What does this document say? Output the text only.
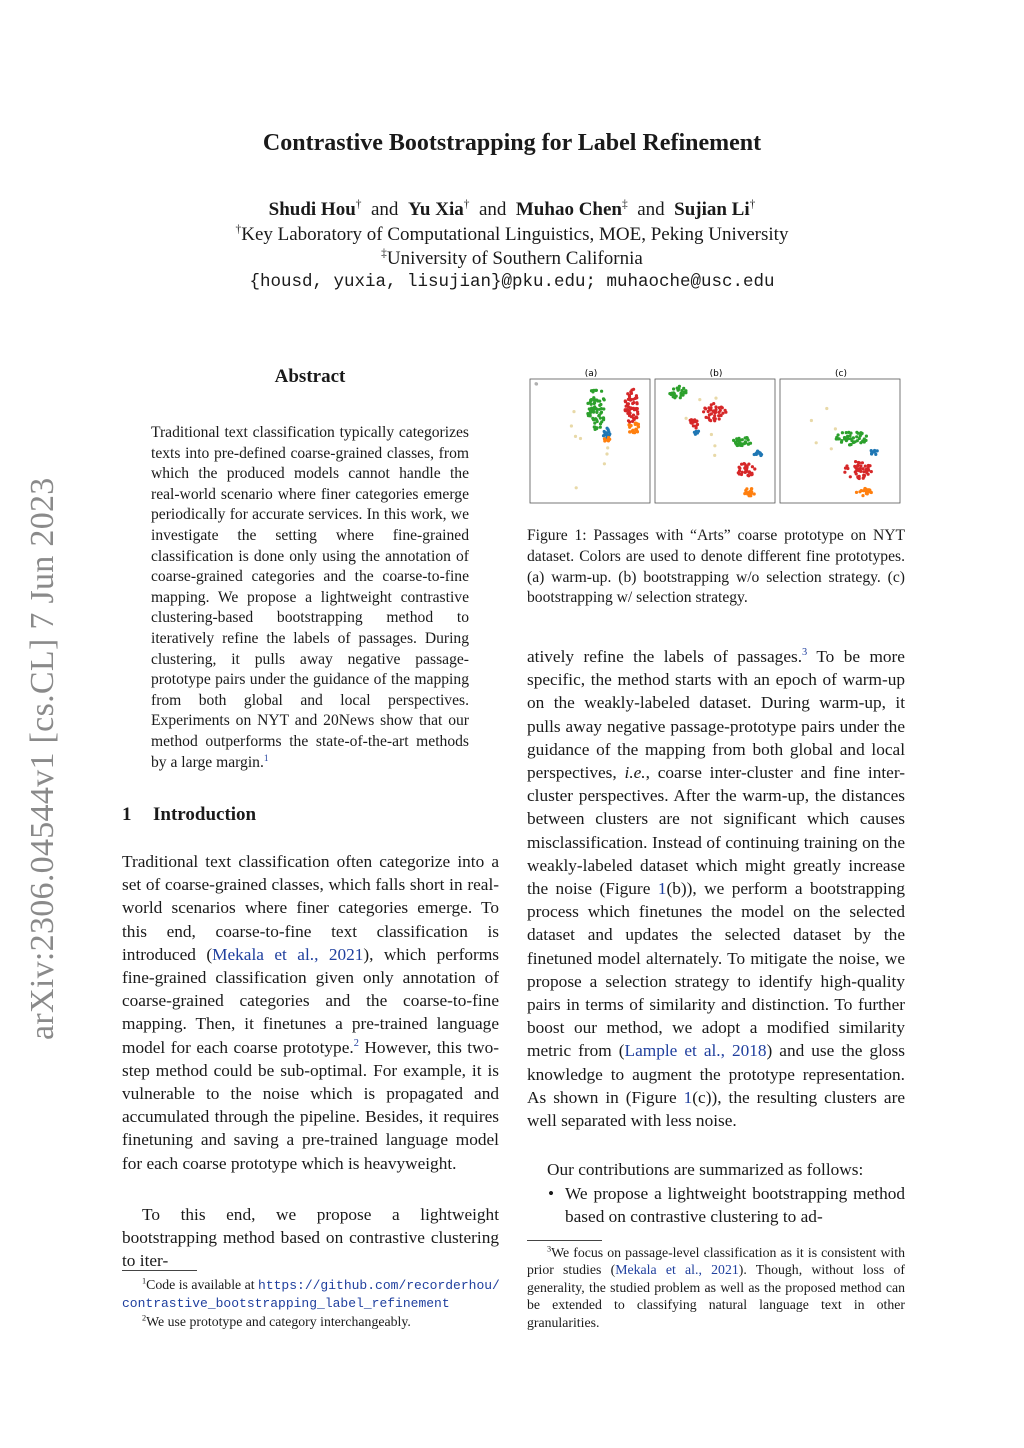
arXiv:2306.04544v1 [cs.CL] 7 Jun 2023
Contrastive Bootstrapping for Label Refinement
Shudi Hou† and Yu Xia† and Muhao Chen‡ and Sujian Li†
†Key Laboratory of Computational Linguistics, MOE, Peking University
‡University of Southern California
{housd, yuxia, lisujian}@pku.edu; muhaoche@usc.edu
Abstract
Traditional text classification typically categorizes texts into pre-defined coarse-grained classes, from which the produced models cannot handle the real-world scenario where finer categories emerge periodically for accurate services. In this work, we investigate the setting where fine-grained classification is done only using the annotation of coarse-grained categories and the coarse-to-fine mapping. We propose a lightweight contrastive clustering-based bootstrapping method to iteratively refine the labels of passages. During clustering, it pulls away negative passage-prototype pairs under the guidance of the mapping from both global and local perspectives. Experiments on NYT and 20News show that our method outperforms the state-of-the-art methods by a large margin.$^1$
1 Introduction

Traditional text classification often categorize into a set of coarse-grained classes, which falls short in real-world scenarios where finer categories emerge. To this end, coarse-to-fine text classification is introduced (Mekala et al., 2021), which performs fine-grained classification given only annotation of coarse-grained categories and the coarse-to-fine mapping. Then, it finetunes a pre-trained language model for each coarse prototype.$^2$ However, this two-step method could be sub-optimal. For example, it is vulnerable to the noise which is propagated and accumulated through the pipeline. Besides, it requires finetuning and saving a pre-trained language model for each coarse prototype which is heavyweight.

To this end, we propose a lightweight bootstrapping method based on contrastive clustering to iter-

$^1$Code is available at https://github.com/recorderhou/contrastive_bootstrapping_label_refinement
$^2$We use prototype and category interchangeably.
(a)	(b)	(c)
Figure 1: Passages with “Arts” coarse prototype on NYT dataset. Colors are used to denote different fine prototypes. (a) warm-up. (b) bootstrapping w/o selection strategy. (c) bootstrapping w/ selection strategy.

atively refine the labels of passages.$^3$ To be more specific, the method starts with an epoch of warm-up on the weakly-labeled dataset. During warm-up, it pulls away negative passage-prototype pairs under the guidance of the mapping from both global and local perspectives, i.e., coarse inter-cluster and fine inter-cluster perspectives. After the warm-up, the distances between clusters are not significant which causes misclassification. Instead of continuing training on the weakly-labeled dataset which might greatly increase the noise (Figure 1(b)), we perform a bootstrapping process which finetunes the model on the selected dataset and updates the selected dataset by the finetuned model alternately. To mitigate the noise, we propose a selection strategy to identify high-quality pairs in terms of similarity and distinction. To further boost our method, we adopt a modified similarity metric from (Lample et al., 2018) and use the gloss knowledge to augment the prototype representation. As shown in (Figure 1(c)), the resulting clusters are well separated with less noise.

Our contributions are summarized as follows:

• We propose a lightweight bootstrapping method based on contrastive clustering to ad-
$^3$We focus on passage-level classification as it is consistent with prior studies (Mekala et al., 2021). Though, without loss of generality, the studied problem as well as the proposed method can be extended to classifying natural language text in other granularities.
